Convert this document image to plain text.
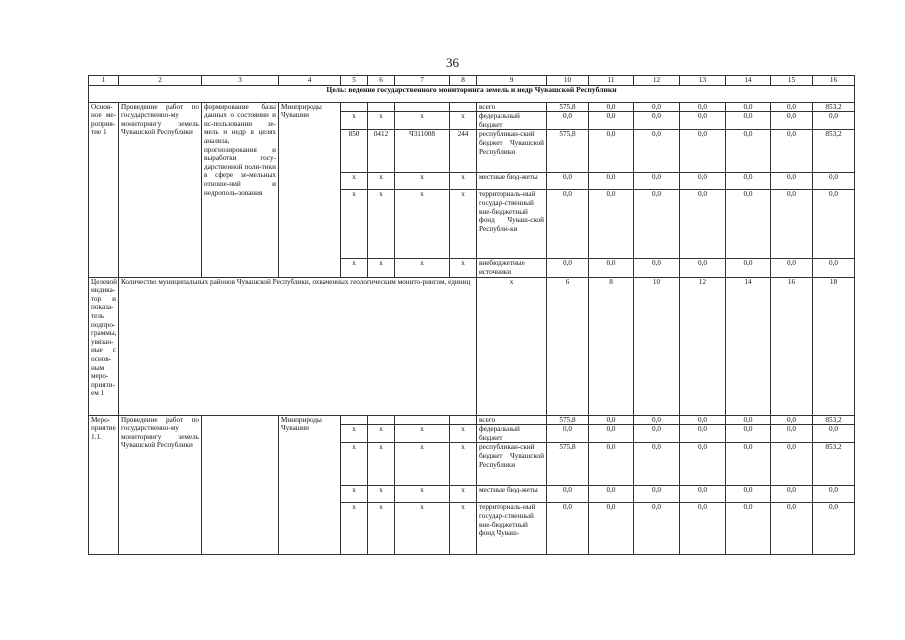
36
1	2	3	4	5	6	7	8	9	10	11	12	13	14	15	16
Цель: ведение государственного мониторинга земель и недр Чувашской Республики															
Основ-ное ме-роприя-тие 1	Проведение работ по государственно-му мониторингу земель Чувашской Республики	формирование базы данных о состоянии и ис-пользовании зе-мель и недр в целях анализа, прогнозирования и выработки госу-дарственной поли-тики в сфере зе-мельных отноше-ний и недрополь-зования	Минприроды Чувашии					всего	575,8	0,0	0,0	0,0	0,0	0,0	853,2
				x	x	x	x	федеральный бюджет	0,0	0,0	0,0	0,0	0,0	0,0	0,0
				850	0412	Ч311008	244	республикан-ский бюджет Чувашской Республики	575,8	0,0	0,0	0,0	0,0	0,0	853,2
				x	x	x	x	местные бюд-жеты	0,0	0,0	0,0	0,0	0,0	0,0	0,0
				x	x	x	x	территориаль-ный государ-ственный вне-бюджетный фонд Чуваш-ской Республи-ки	0,0	0,0	0,0	0,0	0,0	0,0	0,0
				x	x	x	x	внебюджетные источники	0,0	0,0	0,0	0,0	0,0	0,0	0,0
Целевой индика-тор и показа-тель подпро-граммы, увязан-ные с основ-ным меро-прияти-ем 1	Количество муниципальных районов Чувашской Республики, охваченных геологическим монито-рингом, единиц							x	6	8	10	12	14	16	18
Меро-приятие 1.1.	Проведение работ по государственно-му мониторингу земель Чувашской Республики		Минприроды Чувашии					всего	575,8	0,0	0,0	0,0	0,0	0,0	853,2
				x	x	x	x	федеральный бюджет	0,0	0,0	0,0	0,0	0,0	0,0	0,0
				x	x	x	x	республикан-ский бюджет Чувашской Республики	575,8	0,0	0,0	0,0	0,0	0,0	853,2
				x	x	x	x	местные бюд-жеты	0,0	0,0	0,0	0,0	0,0	0,0	0,0
				x	x	x	x	территориаль-ный государ-ственный вне-бюджетный фонд Чуваш-	0,0	0,0	0,0	0,0	0,0	0,0	0,0
